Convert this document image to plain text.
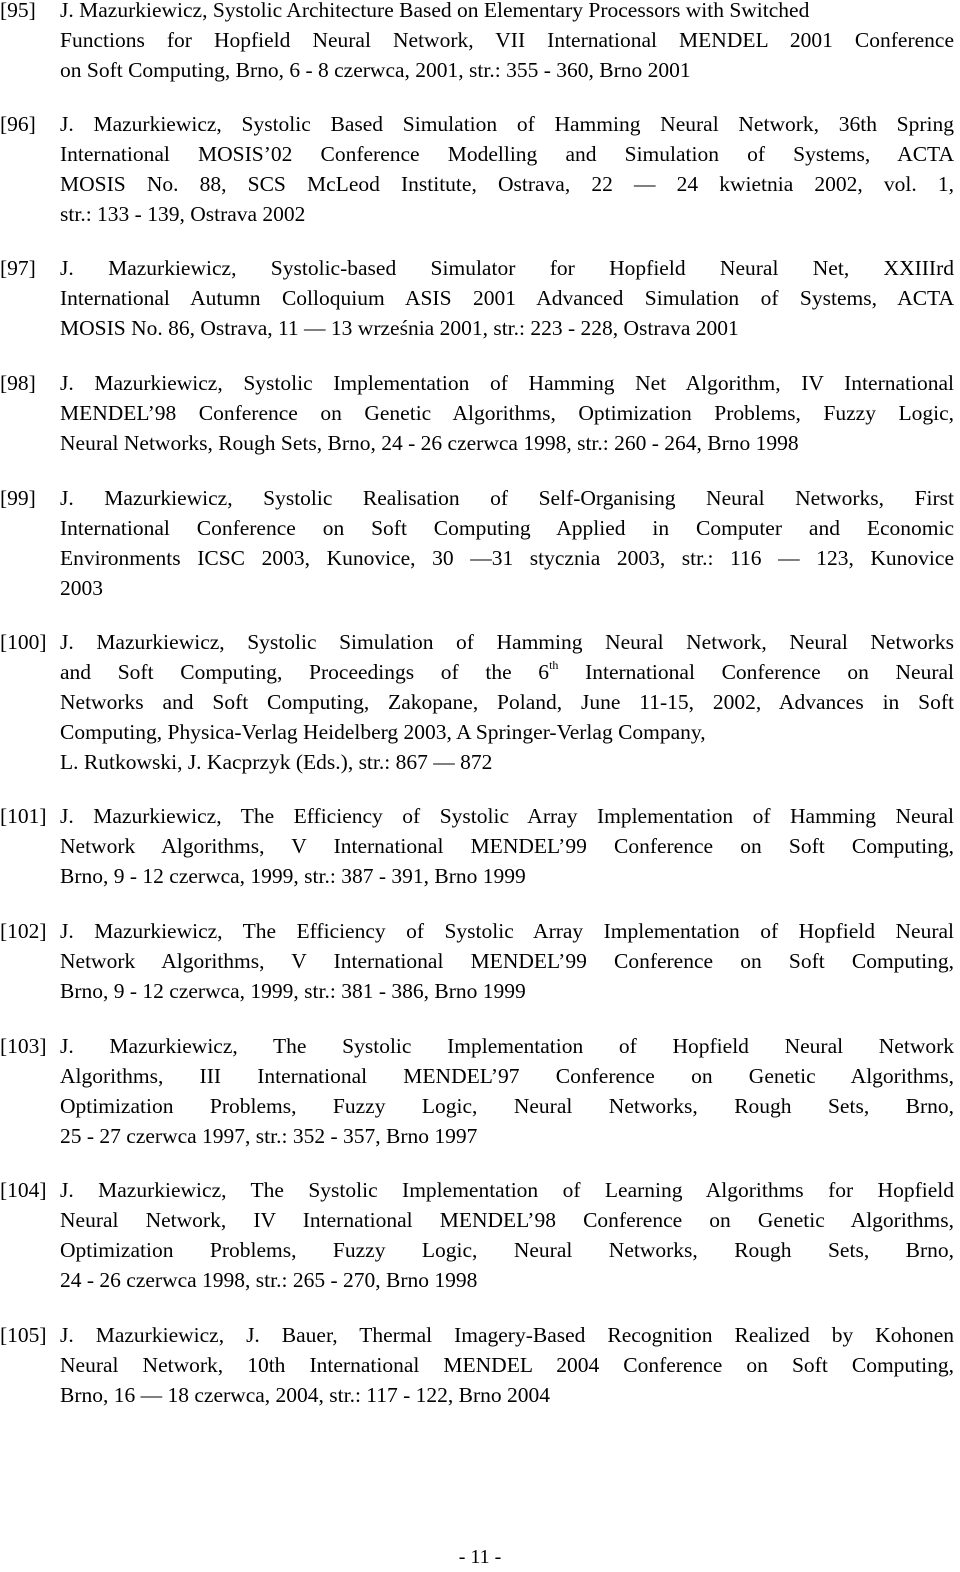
[95] J. Mazurkiewicz, Systolic Architecture Based on Elementary Processors with Switched
Functions for Hopfield Neural Network, VII International MENDEL 2001 Conference
on Soft Computing, Brno, 6 - 8 czerwca, 2001, str.: 355 - 360, Brno 2001
[96] J. Mazurkiewicz, Systolic Based Simulation of Hamming Neural Network, 36th Spring
International MOSIS’02 Conference Modelling and Simulation of Systems, ACTA
MOSIS No. 88, SCS McLeod Institute, Ostrava, 22 — 24 kwietnia 2002, vol. 1,
str.: 133 - 139, Ostrava 2002
[97] J. Mazurkiewicz, Systolic-based Simulator for Hopfield Neural Net, XXIIIrd
International Autumn Colloquium ASIS 2001 Advanced Simulation of Systems, ACTA
MOSIS No. 86, Ostrava, 11 — 13 września 2001, str.: 223 - 228, Ostrava 2001
[98] J. Mazurkiewicz, Systolic Implementation of Hamming Net Algorithm, IV International
MENDEL’98 Conference on Genetic Algorithms, Optimization Problems, Fuzzy Logic,
Neural Networks, Rough Sets, Brno, 24 - 26 czerwca 1998, str.: 260 - 264, Brno 1998
[99] J. Mazurkiewicz, Systolic Realisation of Self-Organising Neural Networks, First
International Conference on Soft Computing Applied in Computer and Economic
Environments ICSC 2003, Kunovice, 30 —31 stycznia 2003, str.: 116 — 123, Kunovice
2003
[100] J. Mazurkiewicz, Systolic Simulation of Hamming Neural Network, Neural Networks
and Soft Computing, Proceedings of the 6th International Conference on Neural
Networks and Soft Computing, Zakopane, Poland, June 11-15, 2002, Advances in Soft
Computing, Physica-Verlag Heidelberg 2003, A Springer-Verlag Company,
L. Rutkowski, J. Kacprzyk (Eds.), str.: 867 — 872
[101] J. Mazurkiewicz, The Efficiency of Systolic Array Implementation of Hamming Neural
Network Algorithms, V International MENDEL’99 Conference on Soft Computing,
Brno, 9 - 12 czerwca, 1999, str.: 387 - 391, Brno 1999
[102] J. Mazurkiewicz, The Efficiency of Systolic Array Implementation of Hopfield Neural
Network Algorithms, V International MENDEL’99 Conference on Soft Computing,
Brno, 9 - 12 czerwca, 1999, str.: 381 - 386, Brno 1999
[103] J. Mazurkiewicz, The Systolic Implementation of Hopfield Neural Network
Algorithms, III International MENDEL’97 Conference on Genetic Algorithms,
Optimization Problems, Fuzzy Logic, Neural Networks, Rough Sets, Brno,
25 - 27 czerwca 1997, str.: 352 - 357, Brno 1997
[104] J. Mazurkiewicz, The Systolic Implementation of Learning Algorithms for Hopfield
Neural Network, IV International MENDEL’98 Conference on Genetic Algorithms,
Optimization Problems, Fuzzy Logic, Neural Networks, Rough Sets, Brno,
24 - 26 czerwca 1998, str.: 265 - 270, Brno 1998
[105] J. Mazurkiewicz, J. Bauer, Thermal Imagery-Based Recognition Realized by Kohonen
Neural Network, 10th International MENDEL 2004 Conference on Soft Computing,
Brno, 16 — 18 czerwca, 2004, str.: 117 - 122, Brno 2004
- 11 -
